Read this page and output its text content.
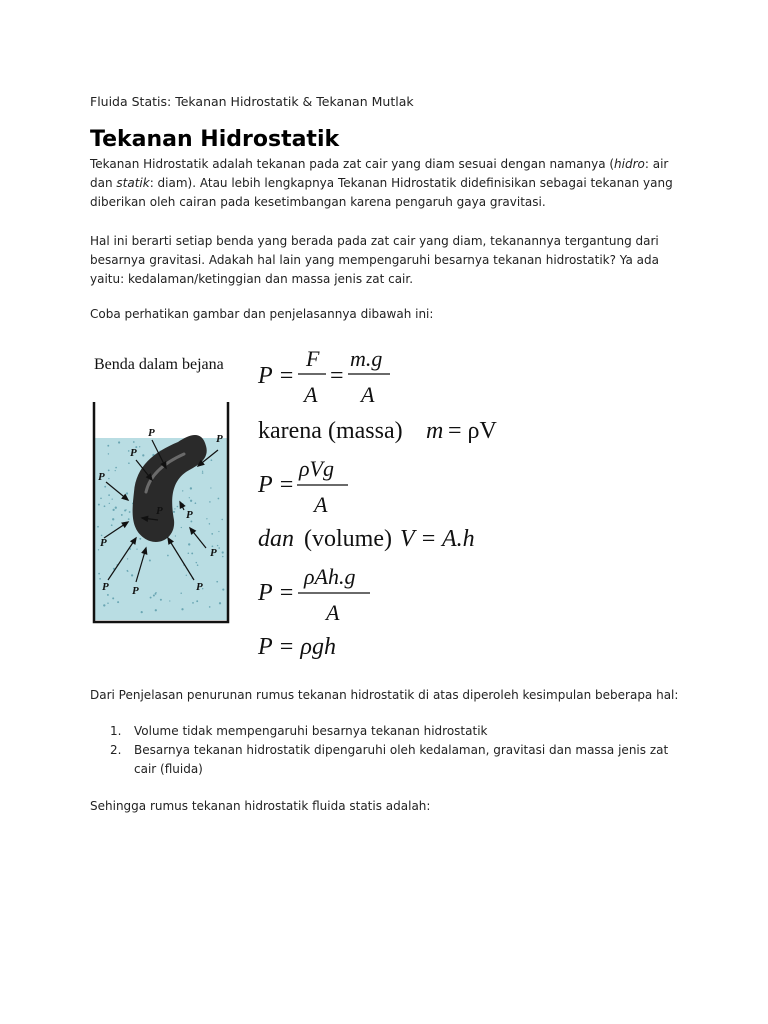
Fluida Statis: Tekanan Hidrostatik & Tekanan Mutlak
Tekanan Hidrostatik
Tekanan Hidrostatik adalah tekanan pada zat cair yang diam sesuai dengan namanya (hidro: air dan statik: diam). Atau lebih lengkapnya Tekanan Hidrostatik didefinisikan sebagai tekanan yang diberikan oleh cairan pada kesetimbangan karena pengaruh gaya gravitasi.
Hal ini berarti setiap benda yang berada pada zat cair yang diam, tekanannya tergantung dari besarnya gravitasi. Adakah hal lain yang mempengaruhi besarnya tekanan hidrostatik? Ya ada yaitu: kedalaman/ketinggian dan massa jenis zat cair.
Coba perhatikan gambar dan penjelasannya dibawah ini:
Benda dalam bejana
P
P	P
P
P
P
P P	P
P
P
P =
F
A
=
m.g
A
karena (massa) m = ρV
P =
ρVg
A
dan (volume) V = A.h
P =
ρAh.g
A
P = ρgh
Dari Penjelasan penurunan rumus tekanan hidrostatik di atas diperoleh kesimpulan beberapa hal:
1. Volume tidak mempengaruhi besarnya tekanan hidrostatik
2. Besarnya tekanan hidrostatik dipengaruhi oleh kedalaman, gravitasi dan massa jenis zat cair (fluida)
Sehingga rumus tekanan hidrostatik fluida statis adalah:
